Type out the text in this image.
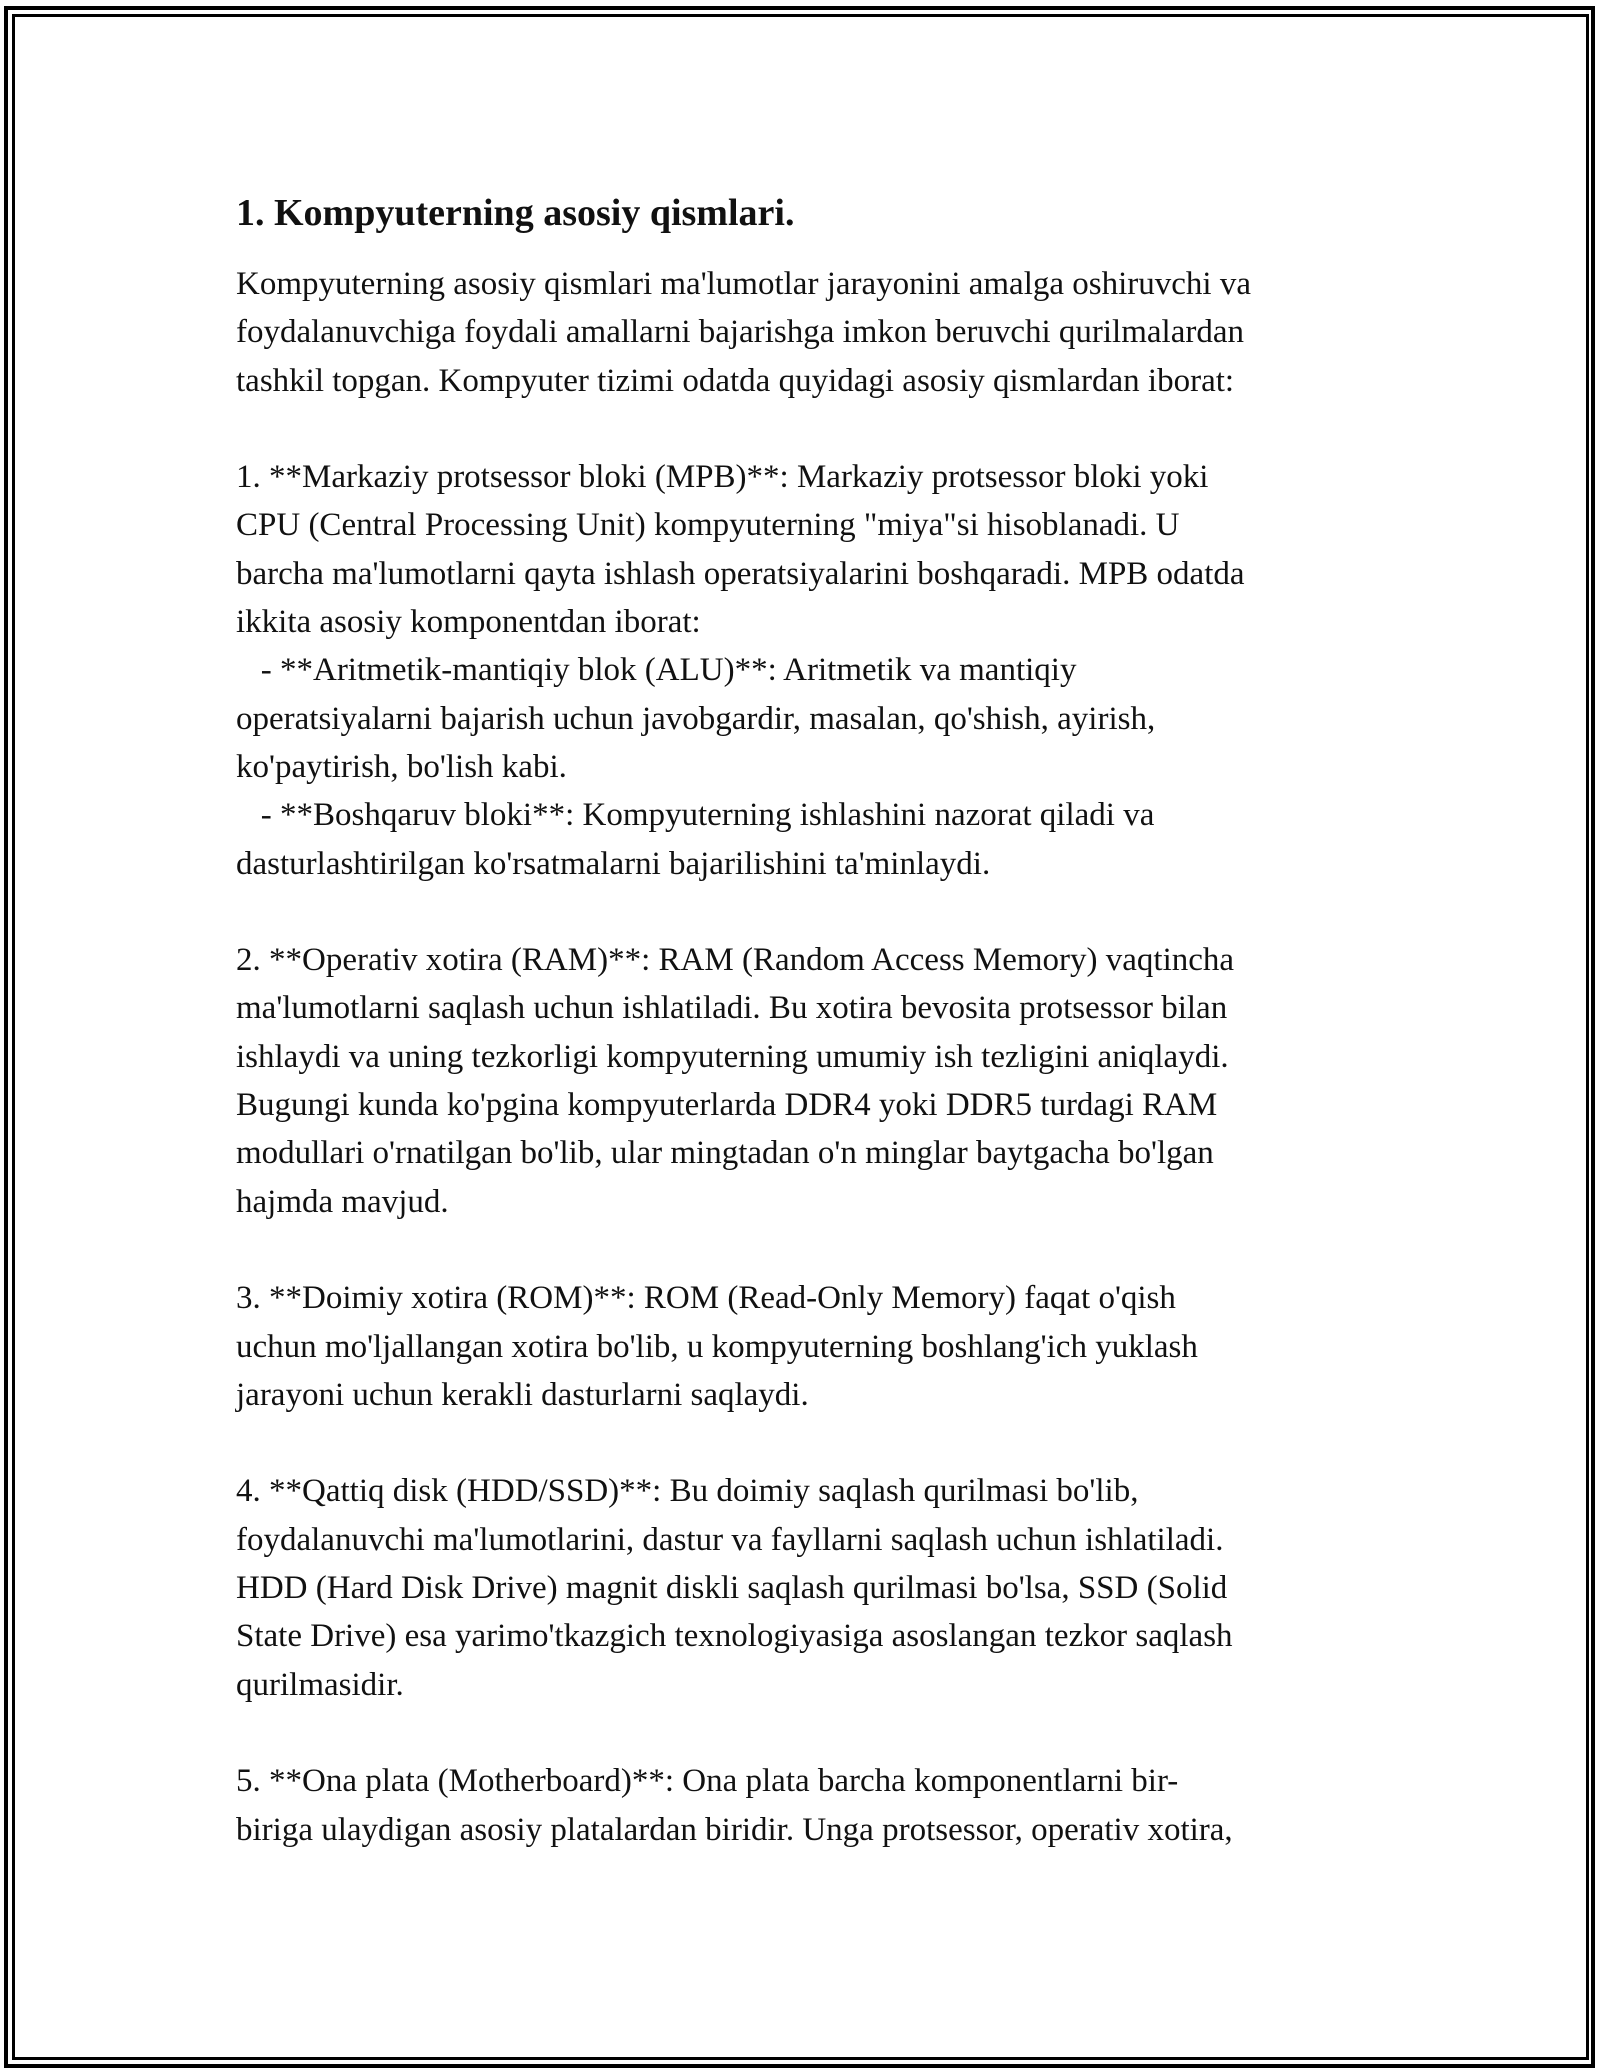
1. Kompyuterning asosiy qismlari.
Kompyuterning asosiy qismlari ma'lumotlar jarayonini amalga oshiruvchi va
foydalanuvchiga foydali amallarni bajarishga imkon beruvchi qurilmalardan
tashkil topgan. Kompyuter tizimi odatda quyidagi asosiy qismlardan iborat:
1. **Markaziy protsessor bloki (MPB)**: Markaziy protsessor bloki yoki
CPU (Central Processing Unit) kompyuterning "miya"si hisoblanadi. U
barcha ma'lumotlarni qayta ishlash operatsiyalarini boshqaradi. MPB odatda
ikkita asosiy komponentdan iborat:
- **Aritmetik-mantiqiy blok (ALU)**: Aritmetik va mantiqiy
operatsiyalarni bajarish uchun javobgardir, masalan, qo'shish, ayirish,
ko'paytirish, bo'lish kabi.
- **Boshqaruv bloki**: Kompyuterning ishlashini nazorat qiladi va
dasturlashtirilgan ko'rsatmalarni bajarilishini ta'minlaydi.
2. **Operativ xotira (RAM)**: RAM (Random Access Memory) vaqtincha
ma'lumotlarni saqlash uchun ishlatiladi. Bu xotira bevosita protsessor bilan
ishlaydi va uning tezkorligi kompyuterning umumiy ish tezligini aniqlaydi.
Bugungi kunda ko'pgina kompyuterlarda DDR4 yoki DDR5 turdagi RAM
modullari o'rnatilgan bo'lib, ular mingtadan o'n minglar baytgacha bo'lgan
hajmda mavjud.
3. **Doimiy xotira (ROM)**: ROM (Read-Only Memory) faqat o'qish
uchun mo'ljallangan xotira bo'lib, u kompyuterning boshlang'ich yuklash
jarayoni uchun kerakli dasturlarni saqlaydi.
4. **Qattiq disk (HDD/SSD)**: Bu doimiy saqlash qurilmasi bo'lib,
foydalanuvchi ma'lumotlarini, dastur va fayllarni saqlash uchun ishlatiladi.
HDD (Hard Disk Drive) magnit diskli saqlash qurilmasi bo'lsa, SSD (Solid
State Drive) esa yarimo'tkazgich texnologiyasiga asoslangan tezkor saqlash
qurilmasidir.
5. **Ona plata (Motherboard)**: Ona plata barcha komponentlarni bir-
biriga ulaydigan asosiy platalardan biridir. Unga protsessor, operativ xotira,
